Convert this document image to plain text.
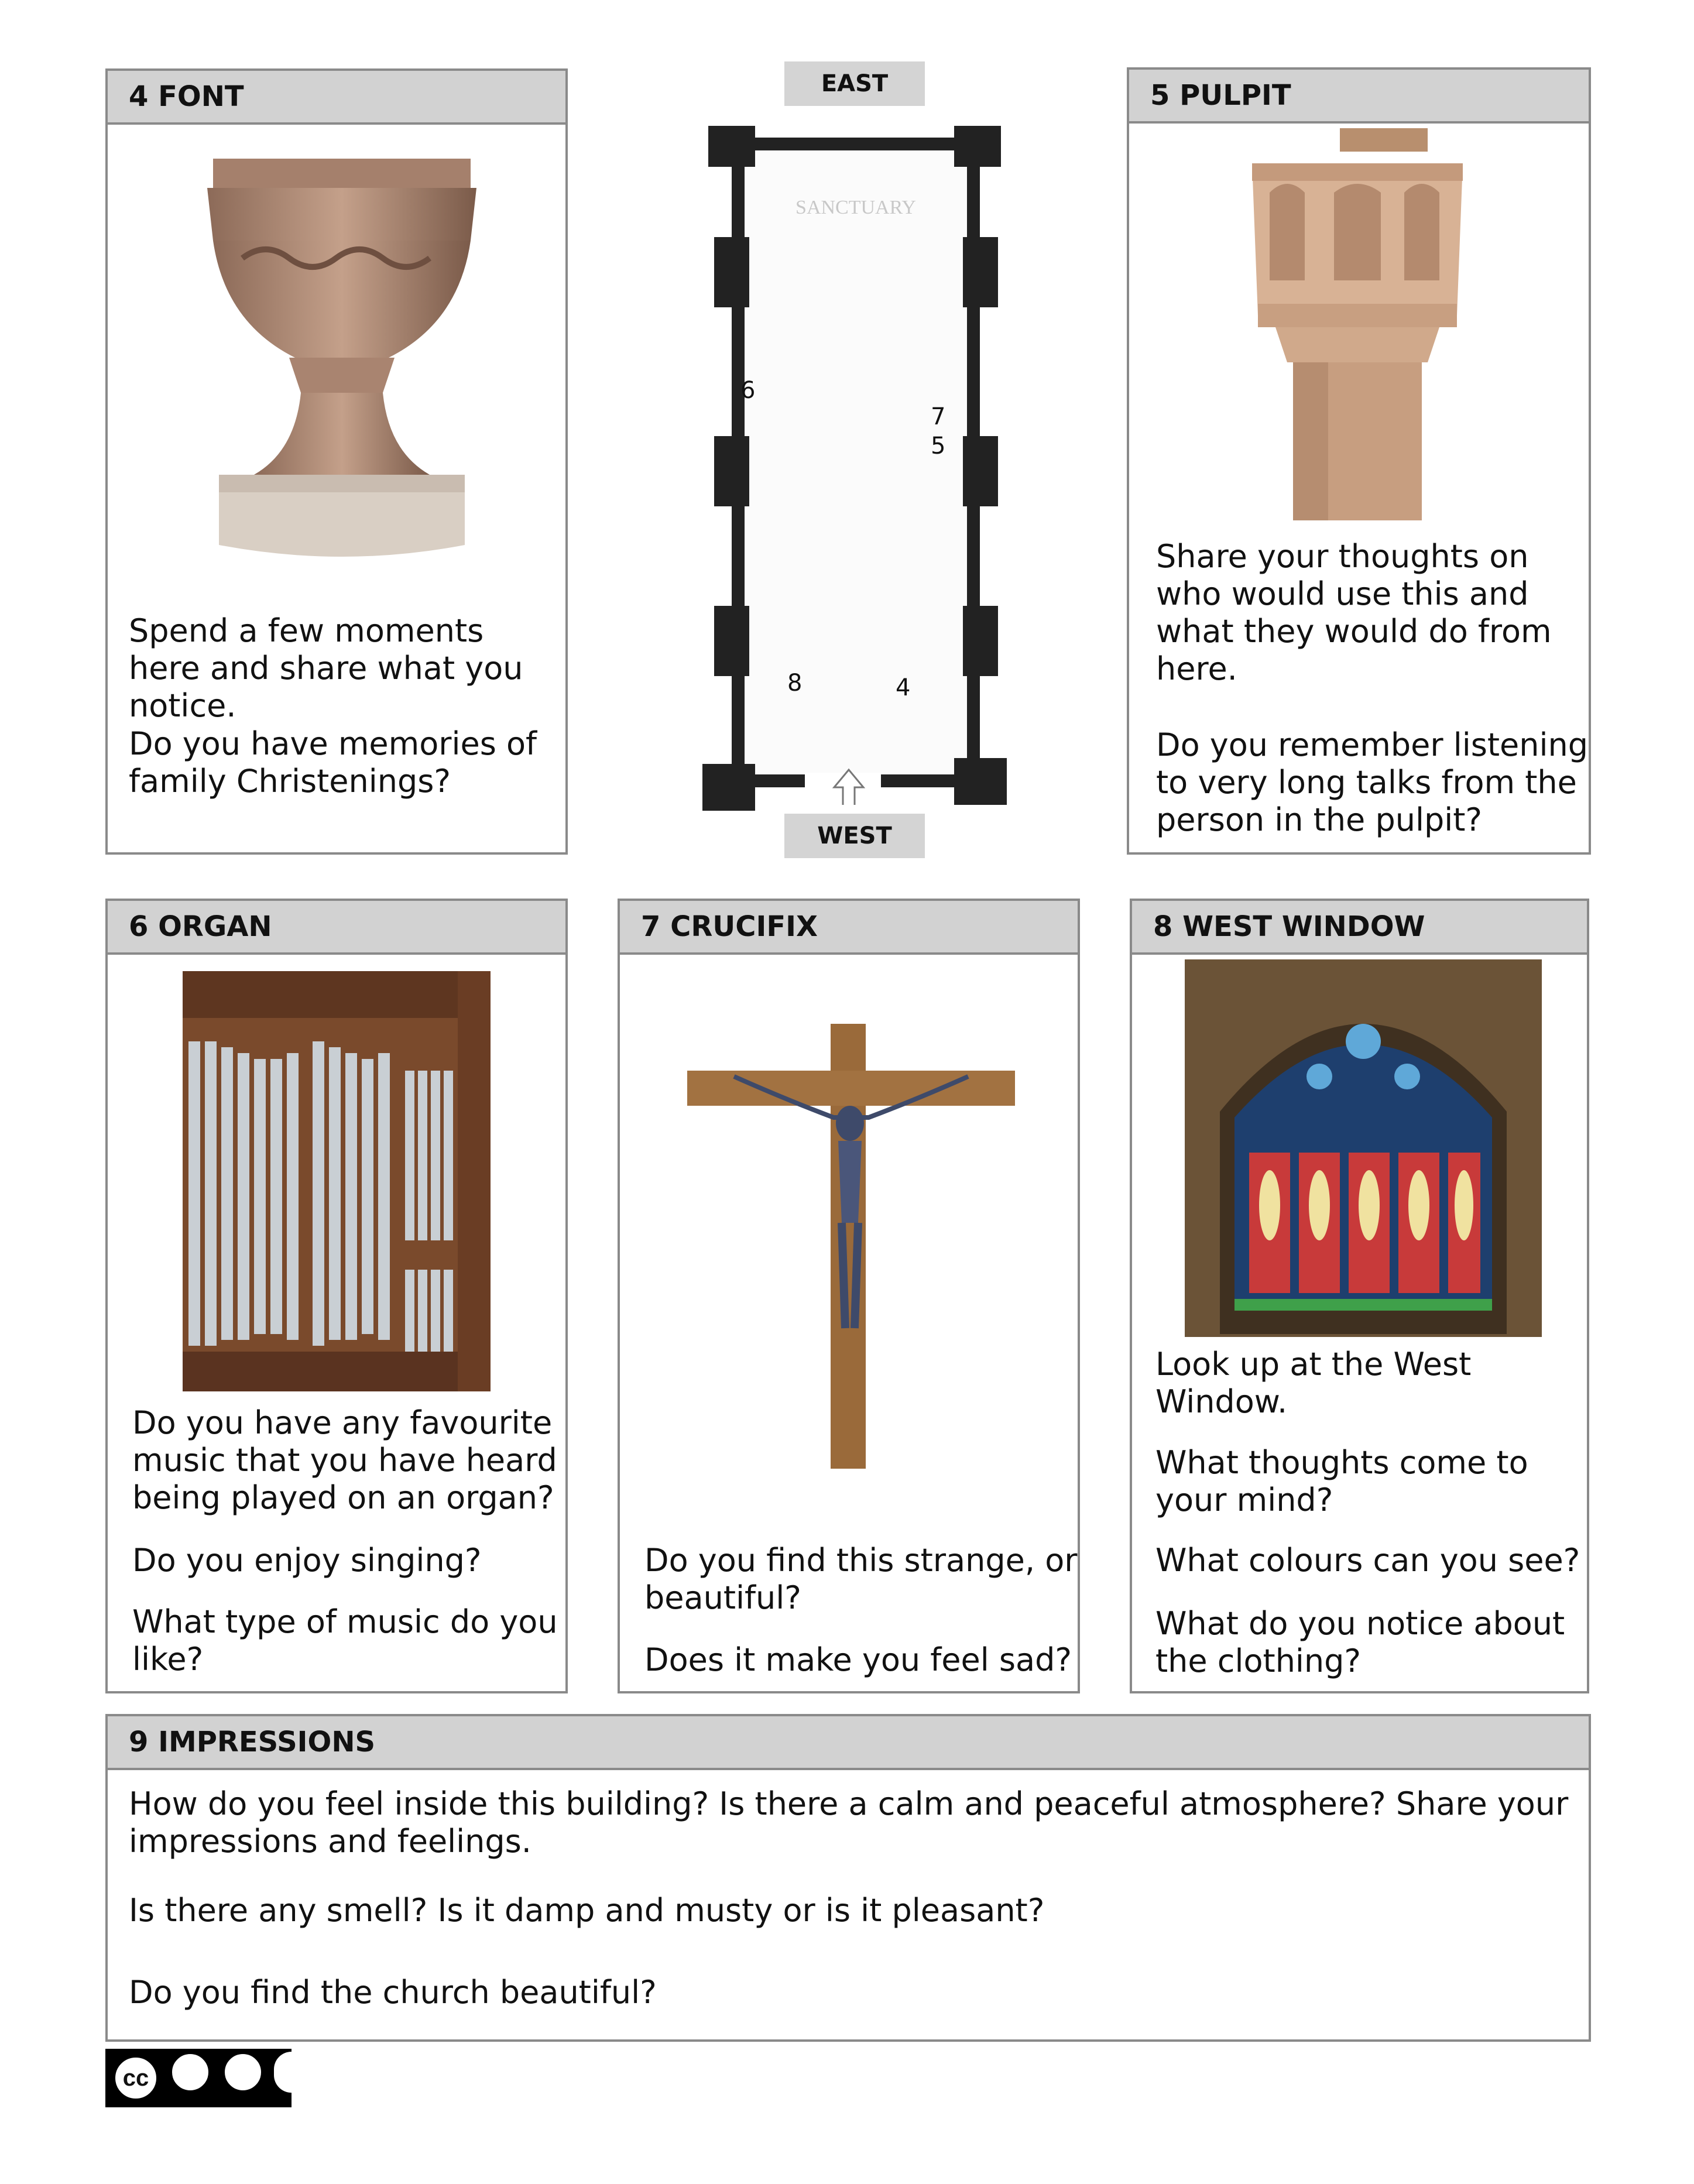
4 FONT

Spend a few moments
here and share what you
notice.

Do you have memories of
family Christenings?

EAST
SANCTUARY
6
7
5
8	4
WEST
5 PULPIT

Share your thoughts on
who would use this and
what they would do from
here.

Do you remember listening
to very long talks from the
person in the pulpit?

6 ORGAN

Do you have any favourite
music that you have heard
being played on an organ?

Do you enjoy singing?

What type of music do you
like?

7 CRUCIFIX

Do you find this strange, or
beautiful?

Does it make you feel sad?

8 WEST WINDOW

Look up at the West
Window.

What thoughts come to
your mind?

What colours can you see?

What do you notice about
the clothing?

9 IMPRESSIONS

How do you feel inside this building? Is there a calm and peaceful atmosphere? Share your
impressions and feelings.

Is there any smell? Is it damp and musty or is it pleasant?

Do you find the church beautiful?

cc
